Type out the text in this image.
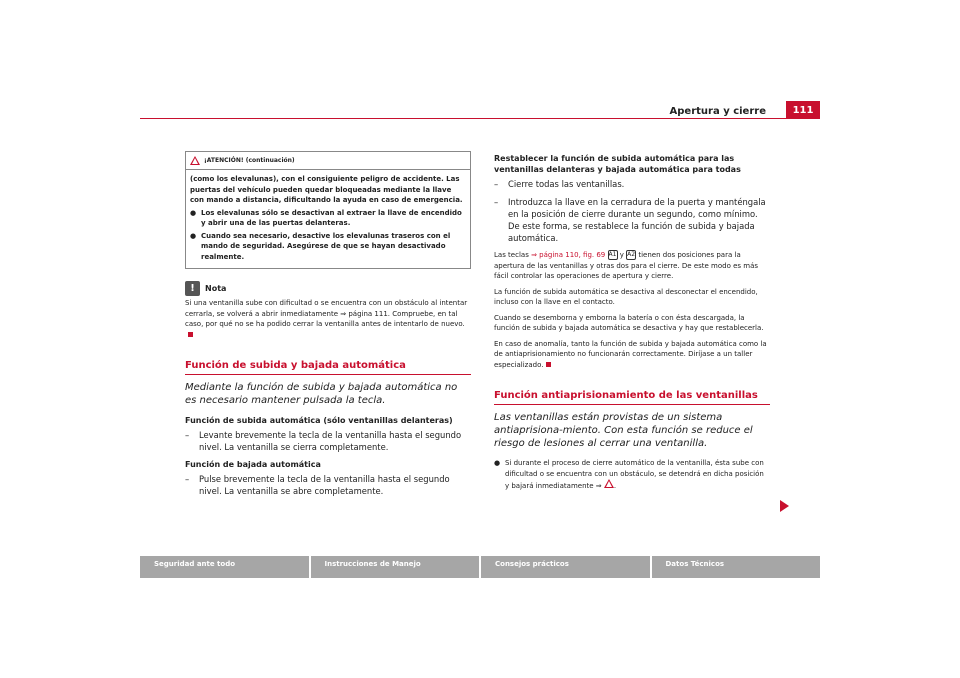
Apertura y cierre	111
¡ATENCIÓN! (continuación)

(como los elevalunas), con el consiguiente peligro de accidente. Las puertas del vehículo pueden quedar bloqueadas mediante la llave con mando a distancia, dificultando la ayuda en caso de emergencia.

● Los elevalunas sólo se desactivan al extraer la llave de encendido y abrir una de las puertas delanteras.
● Cuando sea necesario, desactive los elevalunas traseros con el mando de seguridad. Asegúrese de que se hayan desactivado realmente.
!	Nota

Si una ventanilla sube con dificultad o se encuentra con un obstáculo al intentar cerrarla, se volverá a abrir inmediatamente ⇒ página 111. Compruebe, en tal caso, por qué no se ha podido cerrar la ventanilla antes de intentarlo de nuevo.

Función de subida y bajada automática

Mediante la función de subida y bajada automática no es necesario mantener pulsada la tecla.

Función de subida automática (sólo ventanillas delanteras)
–	Levante brevemente la tecla de la ventanilla hasta el segundo nivel. La ventanilla se cierra completamente.
Función de bajada automática
–	Pulse brevemente la tecla de la ventanilla hasta el segundo nivel. La ventanilla se abre completamente.
Restablecer la función de subida automática para las ventanillas delanteras y bajada automática para todas
–	Cierre todas las ventanillas.
–	Introduzca la llave en la cerradura de la puerta y manténgala en la posición de cierre durante un segundo, como mínimo. De este forma, se restablece la función de subida y bajada automática.

Las teclas ⇒ página 110, fig. 69 A1 y A2 tienen dos posiciones para la apertura de las ventanillas y otras dos para el cierre. De este modo es más fácil controlar las operaciones de apertura y cierre.

La función de subida automática se desactiva al desconectar el encendido, incluso con la llave en el contacto.

Cuando se desemborna y emborna la batería o con ésta descargada, la función de subida y bajada automática se desactiva y hay que restablecerla.

En caso de anomalía, tanto la función de subida y bajada automática como la de antiaprisionamiento no funcionarán correctamente. Diríjase a un taller especializado.

Función antiaprisionamiento de las ventanillas

Las ventanillas están provistas de un sistema antiaprisiona-miento. Con esta función se reduce el riesgo de lesiones al cerrar una ventanilla.

● Si durante el proceso de cierre automático de la ventanilla, ésta sube con dificultad o se encuentra con un obstáculo, se detendrá en dicha posición y bajará inmediatamente ⇒ .
Seguridad ante todo	Instrucciones de Manejo	Consejos prácticos	Datos Técnicos
